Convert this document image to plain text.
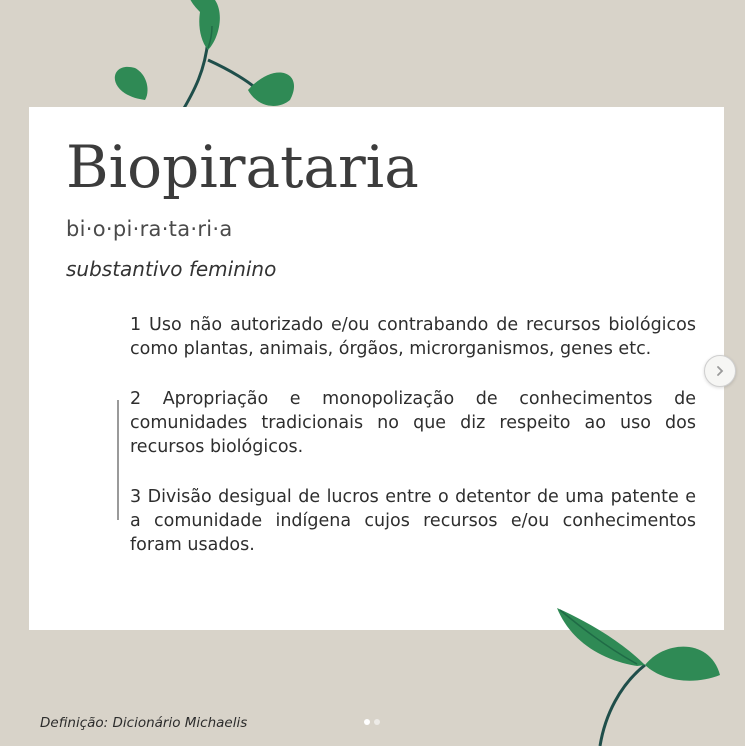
Biopirataria
bi·o·pi·ra·ta·ri·a
substantivo feminino

1 Uso não autorizado e/ou contrabando de recursos biológicos como plantas, animais, órgãos, microrganismos, genes etc.

2 Apropriação e monopolização de conhecimentos de comunidades tradicionais no que diz respeito ao uso dos recursos biológicos.

3 Divisão desigual de lucros entre o detentor de uma patente e a comunidade indígena cujos recursos e/ou conhecimentos foram usados.

Definição: Dicionário Michaelis
